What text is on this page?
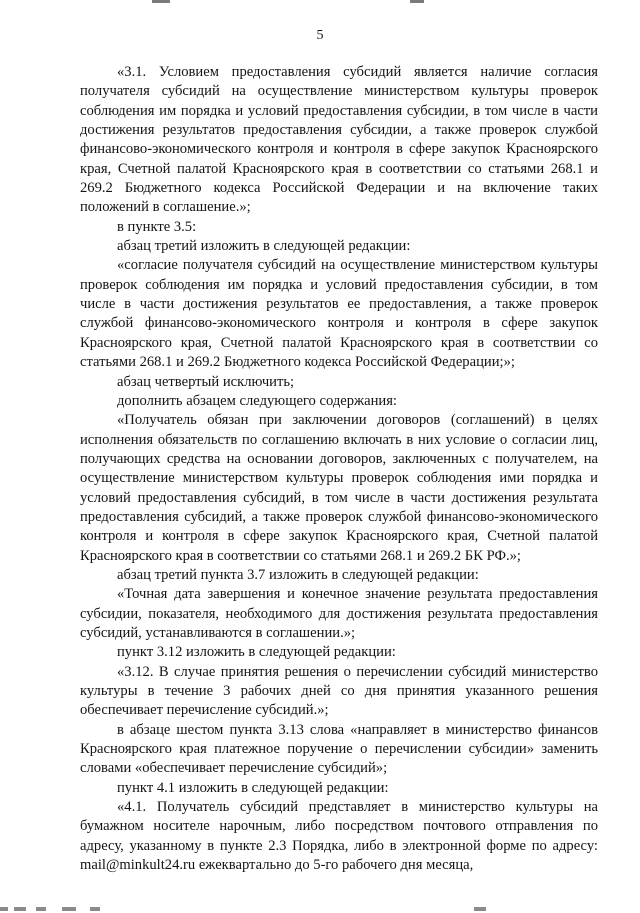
5

«3.1. Условием предоставления субсидий является наличие согласия получателя субсидий на осуществление министерством культуры проверок соблюдения им порядка и условий предоставления субсидии, в том числе в части достижения результатов предоставления субсидии, а также проверок службой финансово-экономического контроля и контроля в сфере закупок Красноярского края, Счетной палатой Красноярского края в соответствии со статьями 268.1 и 269.2 Бюджетного кодекса Российской Федерации и на включение таких положений в соглашение.»;

в пункте 3.5:

абзац третий изложить в следующей редакции:

«согласие получателя субсидий на осуществление министерством культуры проверок соблюдения им порядка и условий предоставления субсидии, в том числе в части достижения результатов ее предоставления, а также проверок службой финансово-экономического контроля и контроля в сфере закупок Красноярского края, Счетной палатой Красноярского края в соответствии со статьями 268.1 и 269.2 Бюджетного кодекса Российской Федерации;»;

абзац четвертый исключить;

дополнить абзацем следующего содержания:

«Получатель обязан при заключении договоров (соглашений) в целях исполнения обязательств по соглашению включать в них условие о согласии лиц, получающих средства на основании договоров, заключенных с получателем, на осуществление министерством культуры проверок соблюдения ими порядка и условий предоставления субсидий, в том числе в части достижения результата предоставления субсидий, а также проверок службой финансово-экономического контроля и контроля в сфере закупок Красноярского края, Счетной палатой Красноярского края в соответствии со статьями 268.1 и 269.2 БК РФ.»;

абзац третий пункта 3.7 изложить в следующей редакции:

«Точная дата завершения и конечное значение результата предоставления субсидии, показателя, необходимого для достижения результата предоставления субсидий, устанавливаются в соглашении.»;

пункт 3.12 изложить в следующей редакции:

«3.12. В случае принятия решения о перечислении субсидий министерство культуры в течение 3 рабочих дней со дня принятия указанного решения обеспечивает перечисление субсидий.»;

в абзаце шестом пункта 3.13 слова «направляет в министерство финансов Красноярского края платежное поручение о перечислении субсидии» заменить словами «обеспечивает перечисление субсидий»;

пункт 4.1 изложить в следующей редакции:

«4.1. Получатель субсидий представляет в министерство культуры на бумажном носителе нарочным, либо посредством почтового отправления по адресу, указанному в пункте 2.3 Порядка, либо в электронной форме по адресу: mail@minkult24.ru ежеквартально до 5-го рабочего дня месяца,
